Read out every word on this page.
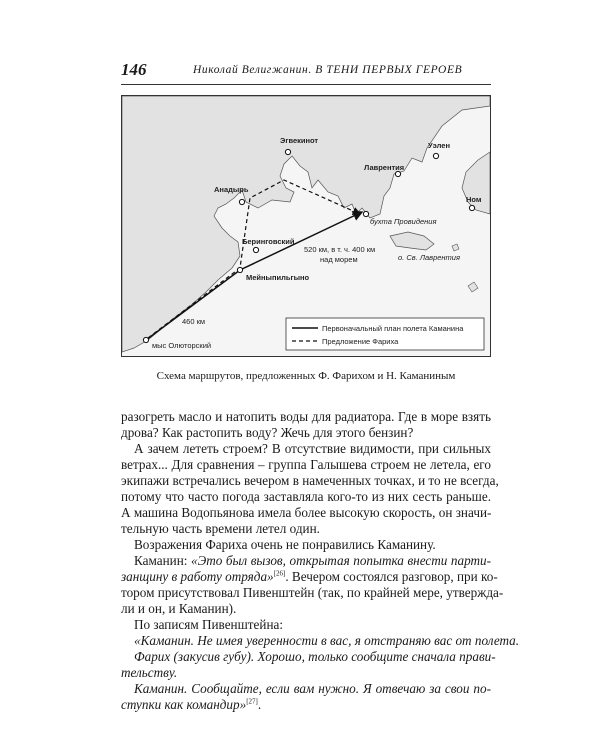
146	Николай Велигжанин. В ТЕНИ ПЕРВЫХ ГЕРОЕВ
Эгвекинот
Уэлен
Лаврентия
Анадырь
Ном
бухта Провидения
Беринговский
Мейныпильгыно
о. Св. Лаврентия
мыс Олюторский
520 км, в т. ч. 400 км
над морем
460 км
Первоначальный план полета Каманина
Предложение Фариха
Схема маршрутов, предложенных Ф. Фарихом и Н. Каманиным

разогреть масло и натопить воды для радиатора. Где в море взять
дрова? Как растопить воду? Жечь для этого бензин?

А зачем лететь строем? В отсутствие видимости, при сильных
ветрах... Для сравнения – группа Галышева строем не летела, его
экипажи встречались вечером в намеченных точках, и то не всегда,
потому что часто погода заставляла кого-то из них сесть раньше.
А машина Водопьянова имела более высокую скорость, он значи-
тельную часть времени летел один.

Возражения Фариха очень не понравились Каманину.

Каманин: «Это был вызов, открытая попытка внести парти-
занщину в работу отряда»[26]. Вечером состоялся разговор, при ко-
тором присутствовал Пивенштейн (так, по крайней мере, утвержда-
ли и он, и Каманин).

По записям Пивенштейна:

«Каманин. Не имея уверенности в вас, я отстраняю вас от полета.

Фарих (закусив губу). Хорошо, только сообщите сначала прави-
тельству.

Каманин. Сообщайте, если вам нужно. Я отвечаю за свои по-
ступки как командир»[27].
